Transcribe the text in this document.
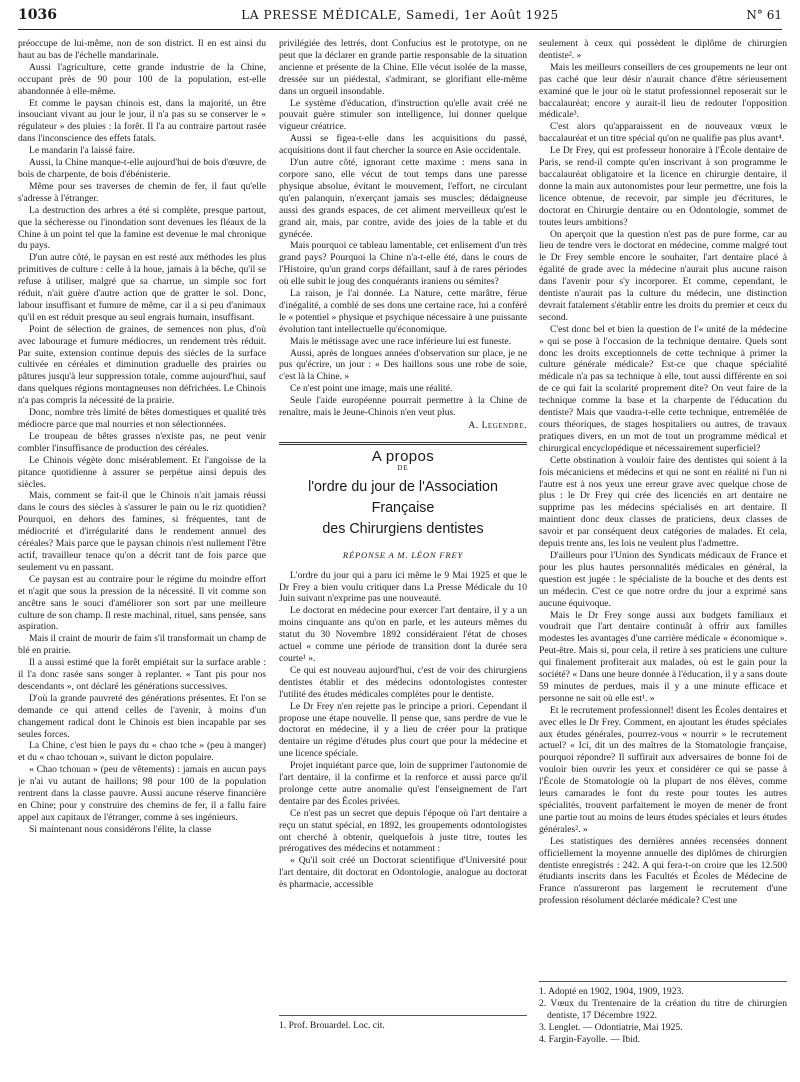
1036	LA PRESSE MÉDICALE, Samedi, 1er Août 1925	N° 61

préoccupe de lui-même, non de son district. Il en est ainsi du haut au bas de l'échelle mandarinale.

Aussi l'agriculture, cette grande industrie de la Chine, occupant près de 90 pour 100 de la population, est-elle abandonnée à elle-même.

Et comme le paysan chinois est, dans la majorité, un être insouciant vivant au jour le jour, il n'a pas su se conserver le « régulateur » des pluies : la forêt. Il l'a au contraire partout rasée dans l'inconscience des effets fatals.

Le mandarin l'a laissé faire.

Aussi, la Chine manque-t-elle aujourd'hui de bois d'œuvre, de bois de charpente, de bois d'ébénisterie.

Même pour ses traverses de chemin de fer, il faut qu'elle s'adresse à l'étranger.

La destruction des arbres a été si complète, presque partout, que la sécheresse ou l'inondation sont devenues les fléaux de la Chine à un point tel que la famine est devenue le mal chronique du pays.

D'un autre côté, le paysan en est resté aux méthodes les plus primitives de culture : celle à la houe, jamais à la bêche, qu'il se refuse à utiliser, malgré que sa charrue, un simple soc fort réduit, n'ait guère d'autre action que de gratter le sol. Donc, labour insuffisant et fumure de même, car il a si peu d'animaux qu'il en est réduit presque au seul engrais humain, insuffisant.

Point de sélection de graines, de semences non plus, d'où avec labourage et fumure médiocres, un rendement très réduit. Par suite, extension continue depuis des siècles de la surface cultivée en céréales et diminution graduelle des prairies ou pâtures jusqu'à leur suppression totale, comme aujourd'hui, sauf dans quelques régions montagneuses non défrichées. Le Chinois n'a pas compris la nécessité de la prairie.

Donc, nombre très limité de bêtes domestiques et qualité très médiocre parce que mal nourries et non sélectionnées.

Le troupeau de bêtes grasses n'existe pas, ne peut venir combler l'insuffisance de production des céréales.

Le Chinois végète donc misérablement. Et l'angoisse de la pitance quotidienne à assurer se perpétue ainsi depuis des siècles.

Mais, comment se fait-il que le Chinois n'ait jamais réussi dans le cours des siècles à s'assurer le pain ou le riz quotidien? Pourquoi, en dehors des famines, si fréquentes, tant de médiocrité et d'irrégularité dans le rendement annuel des céréales? Mais parce que le paysan chinois n'est nullement l'être actif, travailleur tenace qu'on a décrit tant de fois parce que seulement vu en passant.

Ce paysan est au contraire pour le régime du moindre effort et n'agit que sous la pression de la nécessité. Il vit comme son ancêtre sans le souci d'améliorer son sort par une meilleure culture de son champ. Il reste machinal, rituel, sans pensée, sans aspiration.

Mais il craint de mourir de faim s'il transformait un champ de blé en prairie.

Il a aussi estimé que la forêt empiétait sur la surface arable : il l'a donc rasée sans songer à replanter. « Tant pis pour nos descendants », ont déclaré les générations successives.

D'où la grande pauvreté des générations présentes. Et l'on se demande ce qui attend celles de l'avenir, à moins d'un changement radical dont le Chinois est bien incapable par ses seules forces.

La Chine, c'est bien le pays du « chao tche » (peu à manger) et du « chao tchouan », suivant le dicton populaire.

« Chao tchouan » (peu de vêtements) : jamais en aucun pays je n'ai vu autant de haillons; 98 pour 100 de la population rentrent dans la classe pauvre. Aussi aucune réserve financière en Chine; pour y construire des chemins de fer, il a fallu faire appel aux capitaux de l'étranger, comme à ses ingénieurs.

Si maintenant nous considérons l'élite, la classe

privilégiée des lettrés, dont Confucius est le prototype, on ne peut que la déclarer en grande partie responsable de la situation ancienne et présente de la Chine. Elle vécut isolée de la masse, dressée sur un piédestal, s'admirant, se glorifiant elle-même dans un orgueil insondable.

Le système d'éducation, d'instruction qu'elle avait créé ne pouvait guère stimuler son intelligence, lui donner quelque vigueur créatrice.

Aussi se figea-t-elle dans les acquisitions du passé, acquisitions dont il faut chercher la source en Asie occidentale.

D'un autre côté, ignorant cette maxime : mens sana in corpore sano, elle vécut de tout temps dans une paresse physique absolue, évitant le mouvement, l'effort, ne circulant qu'en palanquin, n'exerçant jamais ses muscles; dédaigneuse aussi des grands espaces, de cet aliment merveilleux qu'est le grand air, mais, par contre, avide des joies de la table et du gynécée.

Mais pourquoi ce tableau lamentable, cet enlisement d'un très grand pays? Pourquoi la Chine n'a-t-elle été, dans le cours de l'Histoire, qu'un grand corps défaillant, sauf à de rares périodes où elle subit le joug des conquérants iraniens ou sémites?

La raison, je l'ai donnée. La Nature, cette marâtre, férue d'inégalité, a comblé de ses dons une certaine race, lui a conféré le « potentiel » physique et psychique nécessaire à une puissante évolution tant intellectuelle qu'économique.

Mais le métissage avec une race inférieure lui est funeste.

Aussi, après de longues années d'observation sur place, je ne pus qu'écrire, un jour : « Des haillons sous une robe de soie, c'est là la Chine. »

Ce n'est point une image, mais une réalité.

Seule l'aide européenne pourrait permettre à la Chine de renaître, mais le Jeune-Chinois n'en veut plus.

A. Legendre.
A propos
DE
l'ordre du jour de l'Association Française
des Chirurgiens dentistes
RÉPONSE A M. LÉON FREY

L'ordre du jour qui a paru ici même le 9 Mai 1925 et que le Dr Frey a bien voulu critiquer dans La Presse Médicale du 10 Juin suivant n'exprime pas une nouveauté.

Le doctorat en médecine pour exercer l'art dentaire, il y a un moins cinquante ans qu'on en parle, et les auteurs mêmes du statut du 30 Novembre 1892 considéraient l'état de choses actuel « comme une période de transition dont la durée sera courte¹ ».

Ce qui est nouveau aujourd'hui, c'est de voir des chirurgiens dentistes établir et des médecins odontologistes contester l'utilité des études médicales complètes pour le dentiste.

Le Dr Frey n'en rejette pas le principe a priori. Cependant il propose une étape nouvelle. Il pense que, sans perdre de vue le doctorat en médecine, il y a lieu de créer pour la pratique dentaire un régime d'études plus court que pour la médecine et une licence spéciale.

Projet inquiétant parce que, loin de supprimer l'autonomie de l'art dentaire, il la confirme et la renforce et aussi parce qu'il prolonge cette autre anomalie qu'est l'enseignement de l'art dentaire par des Écoles privées.

Ce n'est pas un secret que depuis l'époque où l'art dentaire a reçu un statut spécial, en 1892, les groupements odontologistes ont cherché à obtenir, quelquefois à juste titre, toutes les prérogatives des médecins et notamment :

« Qu'il soit créé un Doctorat scientifique d'Université pour l'art dentaire, dit doctorat en Odontologie, analogue au doctorat ès pharmacie, accessible

1. Prof. Brouardel. Loc. cit.

seulement à ceux qui possèdent le diplôme de chirurgien dentiste². »

Mais les meilleurs conseillers de ces groupements ne leur ont pas caché que leur désir n'aurait chance d'être sérieusement examiné que le jour où le statut professionnel reposerait sur le baccalauréat; encore y aurait-il lieu de redouter l'opposition médicale³.

C'est alors qu'apparaissent en de nouveaux vœux le baccalauréat et un titre spécial qu'on ne qualifie pas plus avant⁴.

Le Dr Frey, qui est professeur honoraire à l'École dentaire de Paris, se rend-il compte qu'en inscrivant à son programme le baccalauréat obligatoire et la licence en chirurgie dentaire, il donne la main aux autonomistes pour leur permettre, une fois la licence obtenue, de recevoir, par simple jeu d'écritures, le doctorat en Chirurgie dentaire ou en Odontologie, sommet de toutes leurs ambitions?

On aperçoit que la question n'est pas de pure forme, car au lieu de tendre vers le doctorat en médecine, comme malgré tout le Dr Frey semble encore le souhaiter, l'art dentaire placé à égalité de grade avec la médecine n'aurait plus aucune raison dans l'avenir pour s'y incorporer. Et comme, cependant, le dentiste n'aurait pas la culture du médecin, une distinction devrait fatalement s'établir entre les droits du premier et ceux du second.

C'est donc bel et bien la question de l'« unité de la médecine » qui se pose à l'occasion de la technique dentaire. Quels sont donc les droits exceptionnels de cette technique à primer la culture générale médicale? Est-ce que chaque spécialité médicale n'a pas sa technique à elle, tout aussi différente en soi de ce qui fait la scolarité proprement dite? On veut faire de la technique comme la base et la charpente de l'éducation du dentiste? Mais que vaudra-t-elle cette technique, entremêlée de cours théoriques, de stages hospitaliers ou autres, de travaux pratiques divers, en un mot de tout un programme médical et chirurgical encyclopédique et nécessairement superficiel?

Cette obstination à vouloir faire des dentistes qui soient à la fois mécaniciens et médecins et qui ne sont en réalité ni l'un ni l'autre est à nos yeux une erreur grave avec quelque chose de plus : le Dr Frey qui crée des licenciés en art dentaire ne supprime pas les médecins spécialisés en art dentaire. Il maintient donc deux classes de praticiens, deux classes de savoir et par conséquent deux catégories de malades. Et cela, depuis trente ans, les lois ne veulent plus l'admettre.

D'ailleurs pour l'Union des Syndicats médicaux de France et pour les plus hautes personnalités médicales en général, la question est jugée : le spécialiste de la bouche et des dents est un médecin. C'est ce que notre ordre du jour a exprimé sans aucune équivoque.

Mais le Dr Frey songe aussi aux budgets familiaux et voudrait que l'art dentaire continuât à offrir aux familles modestes les avantages d'une carrière médicale « économique ». Peut-être. Mais si, pour cela, il retire à ses praticiens une culture qui finalement profiterait aux malades, où est le gain pour la société? « Dans une heure donnée à l'éducation, il y a sans doute 59 minutes de perdues, mais il y a une minute efficace et personne ne sait où elle est¹. »

Et le recrutement professionnel! disent les Écoles dentaires et avec elles le Dr Frey. Comment, en ajoutant les études spéciales aux études générales, pourrez-vous « nourrir » le recrutement actuel? « Ici, dit un des maîtres de la Stomatologie française, pourquoi répondre? Il suffirait aux adversaires de bonne foi de vouloir bien ouvrir les yeux et considérer ce qui se passe à l'École de Stomatologie où la plupart de nos élèves, comme leurs camarades le font du reste pour toutes les autres spécialités, trouvent parfaitement le moyen de mener de front une partie tout au moins de leurs études spéciales et leurs études générales². »

Les statistiques des dernières années recensées donnent officiellement la moyenne annuelle des diplômes de chirurgien dentiste enregistrés : 242. A qui fera-t-on croire que les 12.500 étudiants inscrits dans les Facultés et Écoles de Médecine de France n'assureront pas largement le recrutement d'une profession résolument déclarée médicale? C'est une

1. Adopté en 1902, 1904, 1909, 1923.
2. Vœux du Trentenaire de la création du titre de chirurgien dentiste, 17 Décembre 1922.
3. Lenglet. — Odontiatrie, Mai 1925.
4. Fargin-Fayolle. — Ibid.
